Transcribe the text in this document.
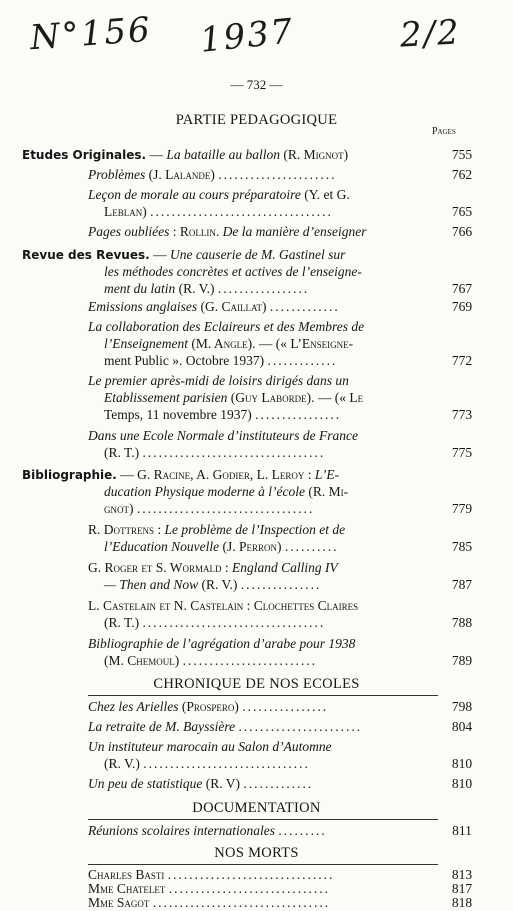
N°156 1937	2/2
— 732 —
PARTIE PEDAGOGIQUE
Pages
Etudes Originales. — La bataille au ballon (R. Mignot)	755
Problèmes (J. Lalande) ......................	762
Leçon de morale au cours préparatoire (Y. et G.
Leblan) ..................................	765
Pages oubliées : Rollin. De la manière d’enseigner	766
Revue des Revues. — Une causerie de M. Gastinel sur
les méthodes concrètes et actives de l’enseigne-
ment du latin (R. V.) .................	767
Emissions anglaises (G. Caillat) .............	769
La collaboration des Eclaireurs et des Membres de
l’Enseignement (M. Angle). — (« L’Enseigne-
ment Public ». Octobre 1937) .............	772
Le premier après-midi de loisirs dirigés dans un
Etablissement parisien (Guy Laborde). — (« Le
Temps, 11 novembre 1937) ................	773
Dans une Ecole Normale d’instituteurs de France
(R. T.) ..................................	775
Bibliographie. — G. Racine, A. Godier, L. Leroy : L’E-
ducation Physique moderne à l’école (R. Mi-
gnot) .................................	779
R. Dottrens : Le problème de l’Inspection et de
l’Education Nouvelle (J. Perron) ..........	785
G. Roger et S. Wormald : England Calling IV
— Then and Now (R. V.) ...............	787
L. Castelain et N. Castelain : Clochettes Claires
(R. T.) ..................................	788
Bibliographie de l’agrégation d’arabe pour 1938
(M. Chemoul) .........................	789
CHRONIQUE DE NOS ECOLES
Chez les Arielles (Prospero) ................	798
La retraite de M. Bayssière .......................	804
Un instituteur marocain au Salon d’Automne
(R. V.) ...............................	810
Un peu de statistique (R. V) .............	810
DOCUMENTATION
Réunions scolaires internationales .........	811
NOS MORTS
Charles Basti ...............................	813
Mme Chatelet ..............................	817
Mme Sagot .................................	818
